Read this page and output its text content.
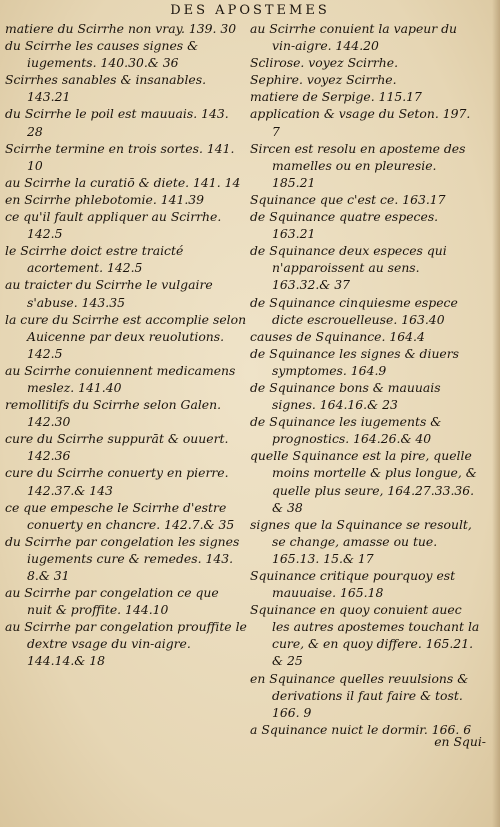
DES APOSTEMES
matiere du Scirrhe non vray. 139. 30
du Scirrhe les causes signes & iugements. 140.30.& 36
Scirrhes sanables & insanables. 143.21
du Scirrhe le poil est mauuais. 143. 28
Scirrhe termine en trois sortes. 141. 10
au Scirrhe la curatiō & diete. 141. 14
en Scirrhe phlebotomie. 141.39
ce qu'il fault appliquer au Scirrhe. 142.5
le Scirrhe doict estre traicté acortement. 142.5
au traicter du Scirrhe le vulgaire s'abuse. 143.35
la cure du Scirrhe est accomplie selon Auicenne par deux reuolutions. 142.5
au Scirrhe conuiennent medicamens meslez. 141.40
remollitifs du Scirrhe selon Galen. 142.30
cure du Scirrhe suppurāt & ouuert. 142.36
cure du Scirrhe conuerty en pierre. 142.37.& 143
ce que empesche le Scirrhe d'estre conuerty en chancre. 142.7.& 35
du Scirrhe par congelation les signes iugements cure & remedes. 143. 8.& 31
au Scirrhe par congelation ce que nuit & proffite. 144.10
au Scirrhe par congelation prouffite le dextre vsage du vin-aigre. 144.14.& 18
au Scirrhe conuient la vapeur du vin-aigre. 144.20
Sclirose. voyez Scirrhe.
Sephire. voyez Scirrhe.
matiere de Serpige. 115.17
application & vsage du Seton. 197. 7
Sircen est resolu en aposteme des mamelles ou en pleuresie. 185.21
Squinance que c'est ce. 163.17
de Squinance quatre especes. 163.21
de Squinance deux especes qui n'apparoissent au sens. 163.32.& 37
de Squinance cinquiesme espece dicte escrouelleuse. 163.40
causes de Squinance. 164.4
de Squinance les signes & diuers symptomes. 164.9
de Squinance bons & mauuais signes. 164.16.& 23
de Squinance les iugements & prognostics. 164.26.& 40
quelle Squinance est la pire, quelle moins mortelle & plus longue, & quelle plus seure, 164.27.33.36. & 38
signes que la Squinance se resoult, se change, amasse ou tue. 165.13. 15.& 17
Squinance critique pourquoy est mauuaise. 165.18
Squinance en quoy conuient auec les autres apostemes touchant la cure, & en quoy differe. 165.21. & 25
en Squinance quelles reuulsions & derivations il faut faire & tost. 166. 9
a Squinance nuict le dormir. 166. 6
en Squi-
